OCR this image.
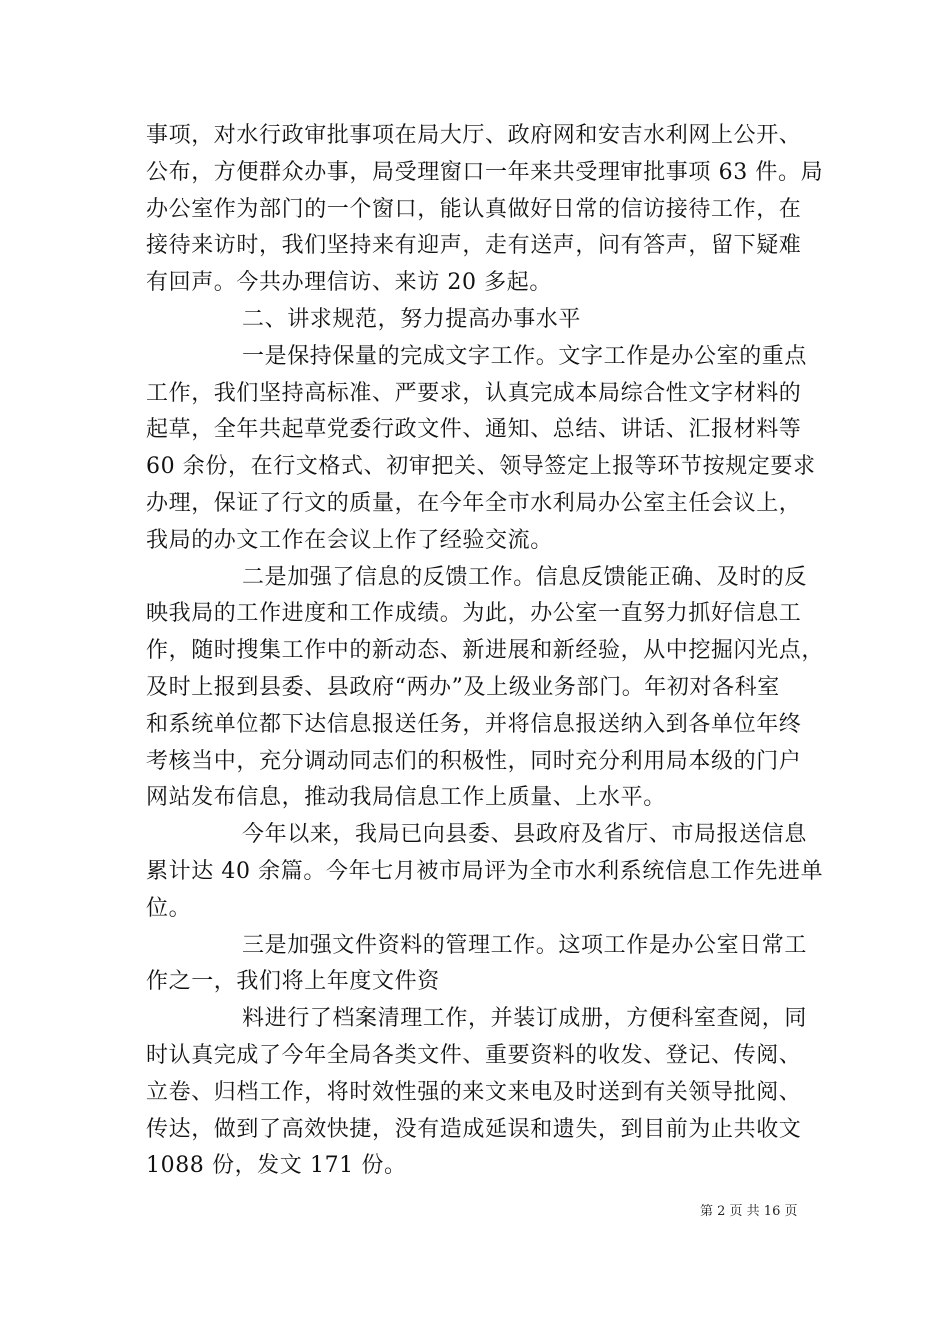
事项，对水行政审批事项在局大厅、政府网和安吉水利网上公开、
公布，方便群众办事，局受理窗口一年来共受理审批事项 63 件。局
办公室作为部门的一个窗口，能认真做好日常的信访接待工作，在
接待来访时，我们坚持来有迎声，走有送声，问有答声，留下疑难
有回声。今共办理信访、来访 20 多起。
二、讲求规范，努力提高办事水平
一是保持保量的完成文字工作。文字工作是办公室的重点
工作，我们坚持高标准、严要求，认真完成本局综合性文字材料的
起草，全年共起草党委行政文件、通知、总结、讲话、汇报材料等
60 余份，在行文格式、初审把关、领导签定上报等环节按规定要求
办理，保证了行文的质量，在今年全市水利局办公室主任会议上，
我局的办文工作在会议上作了经验交流。
二是加强了信息的反馈工作。信息反馈能正确、及时的反
映我局的工作进度和工作成绩。为此，办公室一直努力抓好信息工
作，随时搜集工作中的新动态、新进展和新经验，从中挖掘闪光点，
及时上报到县委、县政府“两办”及上级业务部门。年初对各科室
和系统单位都下达信息报送任务，并将信息报送纳入到各单位年终
考核当中，充分调动同志们的积极性，同时充分利用局本级的门户
网站发布信息，推动我局信息工作上质量、上水平。
今年以来，我局已向县委、县政府及省厅、市局报送信息
累计达 40 余篇。今年七月被市局评为全市水利系统信息工作先进单
位。
三是加强文件资料的管理工作。这项工作是办公室日常工
作之一，我们将上年度文件资
料进行了档案清理工作，并装订成册，方便科室查阅，同
时认真完成了今年全局各类文件、重要资料的收发、登记、传阅、
立卷、归档工作，将时效性强的来文来电及时送到有关领导批阅、
传达，做到了高效快捷，没有造成延误和遗失，到目前为止共收文
1088 份，发文 171 份。
第 2 页 共 16 页
